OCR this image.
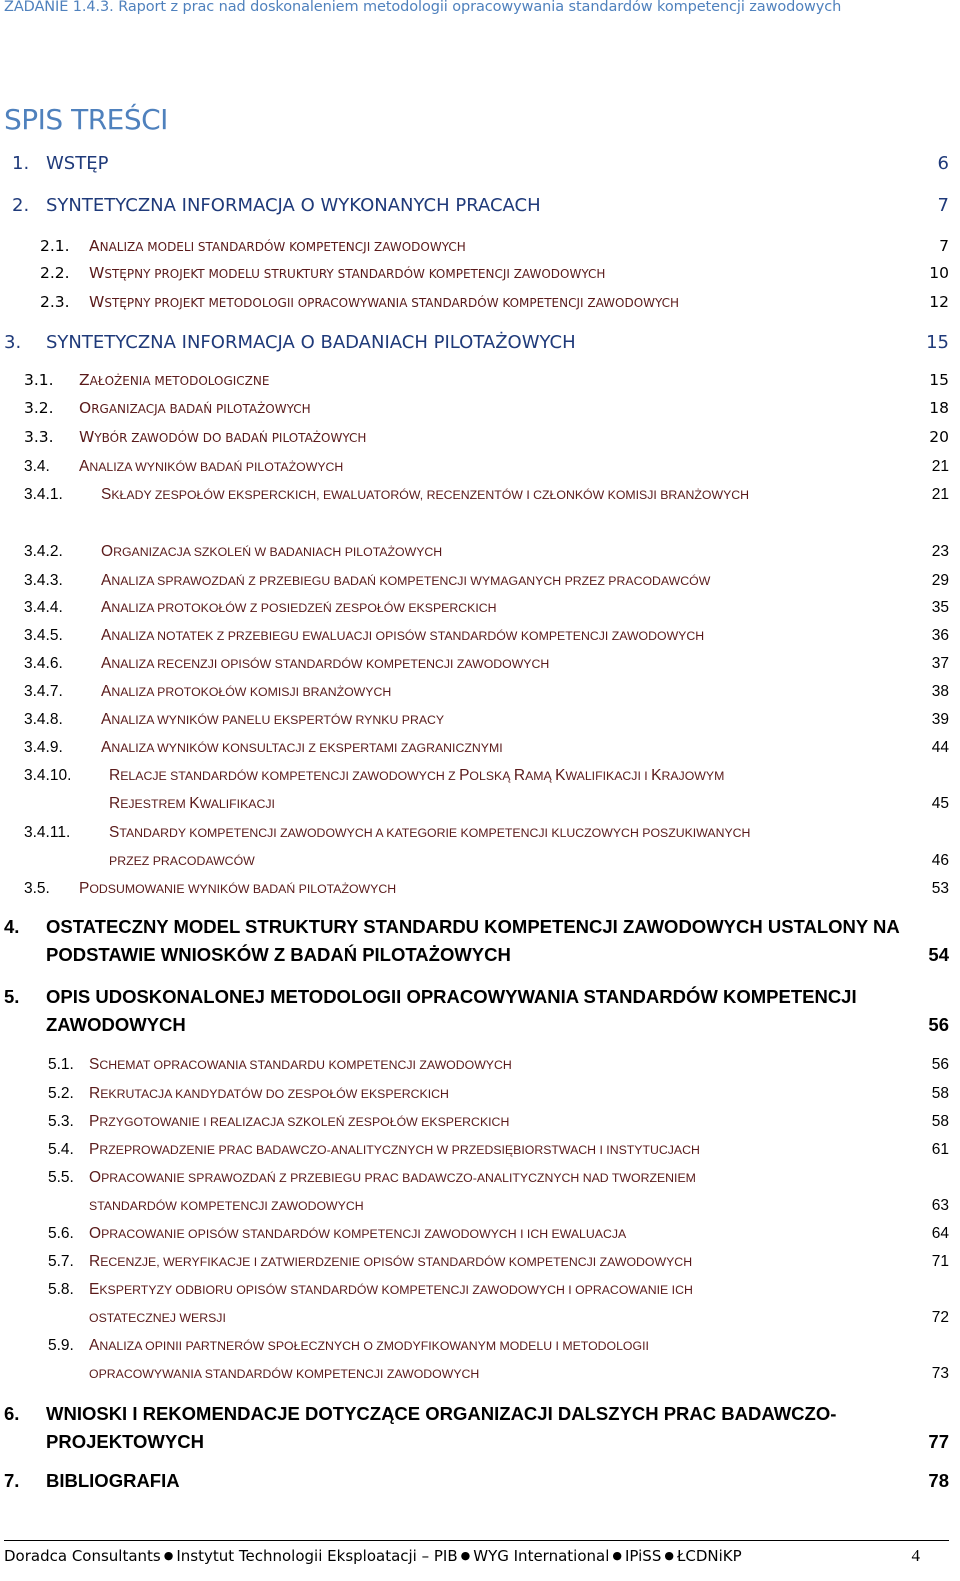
ZADANIE 1.4.3. Raport z prac nad doskonaleniem metodologii opracowywania standardów kompetencji zawodowych
SPIS TREŚCI
1. WSTĘP	6
2. SYNTETYCZNA INFORMACJA O WYKONANYCH PRACACH	7
2.1. ANALIZA MODELI STANDARDÓW KOMPETENCJI ZAWODOWYCH	7
2.2. WSTĘPNY PROJEKT MODELU STRUKTURY STANDARDÓW KOMPETENCJI ZAWODOWYCH	10
2.3. WSTĘPNY PROJEKT METODOLOGII OPRACOWYWANIA STANDARDÓW KOMPETENCJI ZAWODOWYCH	12
3. SYNTETYCZNA INFORMACJA O BADANIACH PILOTAŻOWYCH	15
3.1. ZAŁOŻENIA METODOLOGICZNE	15
3.2. ORGANIZACJA BADAŃ PILOTAŻOWYCH	18
3.3. WYBÓR ZAWODÓW DO BADAŃ PILOTAŻOWYCH	20
3.4. ANALIZA WYNIKÓW BADAŃ PILOTAŻOWYCH	21
3.4.1. SKŁADY ZESPOŁÓW EKSPERCKICH, EWALUATORÓW, RECENZENTÓW I CZŁONKÓW KOMISJI BRANŻOWYCH	21
3.4.2. ORGANIZACJA SZKOLEŃ W BADANIACH PILOTAŻOWYCH	23
3.4.3. ANALIZA SPRAWOZDAŃ Z PRZEBIEGU BADAŃ KOMPETENCJI WYMAGANYCH PRZEZ PRACODAWCÓW	29
3.4.4. ANALIZA PROTOKOŁÓW Z POSIEDZEŃ ZESPOŁÓW EKSPERCKICH	35
3.4.5. ANALIZA NOTATEK Z PRZEBIEGU EWALUACJI OPISÓW STANDARDÓW KOMPETENCJI ZAWODOWYCH	36
3.4.6. ANALIZA RECENZJI OPISÓW STANDARDÓW KOMPETENCJI ZAWODOWYCH	37
3.4.7. ANALIZA PROTOKOŁÓW KOMISJI BRANŻOWYCH	38
3.4.8. ANALIZA WYNIKÓW PANELU EKSPERTÓW RYNKU PRACY	39
3.4.9. ANALIZA WYNIKÓW KONSULTACJI Z EKSPERTAMI ZAGRANICZNYMI	44
3.4.10. RELACJE STANDARDÓW KOMPETENCJI ZAWODOWYCH Z POLSKĄ RAMĄ KWALIFIKACJI I KRAJOWYM
REJESTREM KWALIFIKACJI	45
3.4.11. STANDARDY KOMPETENCJI ZAWODOWYCH A KATEGORIE KOMPETENCJI KLUCZOWYCH POSZUKIWANYCH
PRZEZ PRACODAWCÓW	46
3.5. PODSUMOWANIE WYNIKÓW BADAŃ PILOTAŻOWYCH	53
4. OSTATECZNY MODEL STRUKTURY STANDARDU KOMPETENCJI ZAWODOWYCH USTALONY NA
PODSTAWIE WNIOSKÓW Z BADAŃ PILOTAŻOWYCH	54
5. OPIS UDOSKONALONEJ METODOLOGII OPRACOWYWANIA STANDARDÓW KOMPETENCJI
ZAWODOWYCH	56
5.1. SCHEMAT OPRACOWANIA STANDARDU KOMPETENCJI ZAWODOWYCH	56
5.2. REKRUTACJA KANDYDATÓW DO ZESPOŁÓW EKSPERCKICH	58
5.3. PRZYGOTOWANIE I REALIZACJA SZKOLEŃ ZESPOŁÓW EKSPERCKICH	58
5.4. PRZEPROWADZENIE PRAC BADAWCZO-ANALITYCZNYCH W PRZEDSIĘBIORSTWACH I INSTYTUCJACH	61
5.5. OPRACOWANIE SPRAWOZDAŃ Z PRZEBIEGU PRAC BADAWCZO-ANALITYCZNYCH NAD TWORZENIEM
STANDARDÓW KOMPETENCJI ZAWODOWYCH	63
5.6. OPRACOWANIE OPISÓW STANDARDÓW KOMPETENCJI ZAWODOWYCH I ICH EWALUACJA	64
5.7. RECENZJE, WERYFIKACJE I ZATWIERDZENIE OPISÓW STANDARDÓW KOMPETENCJI ZAWODOWYCH	71
5.8. EKSPERTYZY ODBIORU OPISÓW STANDARDÓW KOMPETENCJI ZAWODOWYCH I OPRACOWANIE ICH
OSTATECZNEJ WERSJI	72
5.9. ANALIZA OPINII PARTNERÓW SPOŁECZNYCH O ZMODYFIKOWANYM MODELU I METODOLOGII
OPRACOWYWANIA STANDARDÓW KOMPETENCJI ZAWODOWYCH	73
6. WNIOSKI I REKOMENDACJE DOTYCZĄCE ORGANIZACJI DALSZYCH PRAC BADAWCZO-
PROJEKTOWYCH	77
7. BIBLIOGRAFIA	78
Doradca Consultants ● Instytut Technologii Eksploatacji – PIB ● WYG International ● IPiSS ● ŁCDNiKP	4
